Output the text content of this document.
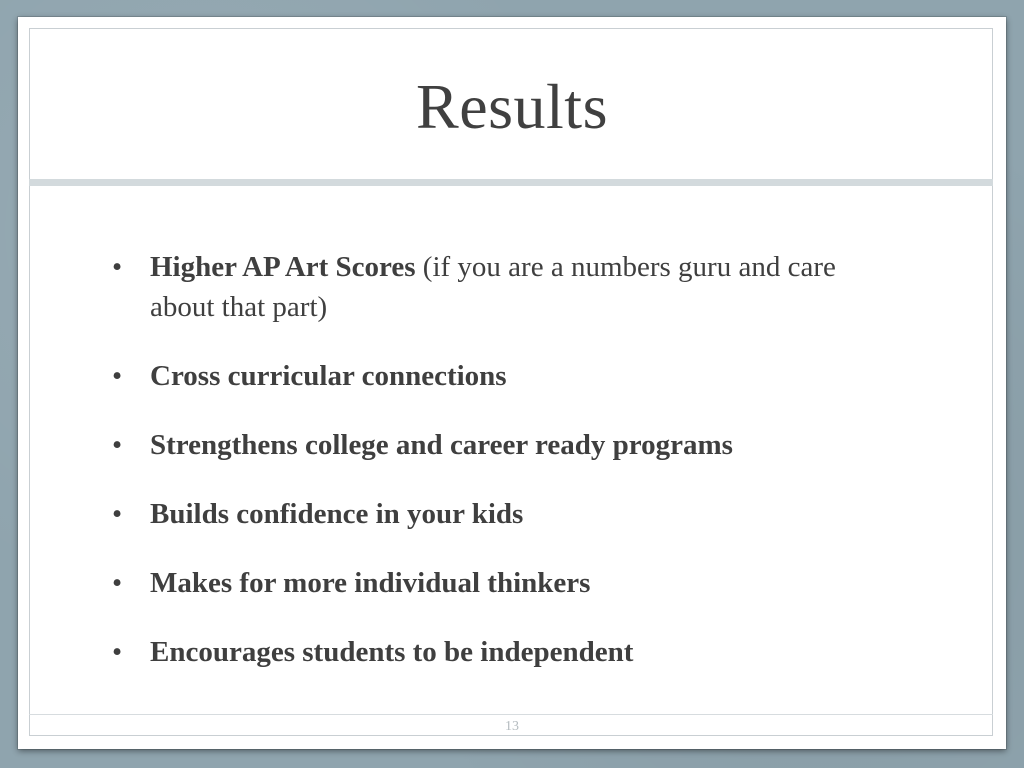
Results
• Higher AP Art Scores (if you are a numbers guru and care about that part)
• Cross curricular connections
• Strengthens college and career ready programs
• Builds confidence in your kids
• Makes for more individual thinkers
• Encourages students to be independent
13
